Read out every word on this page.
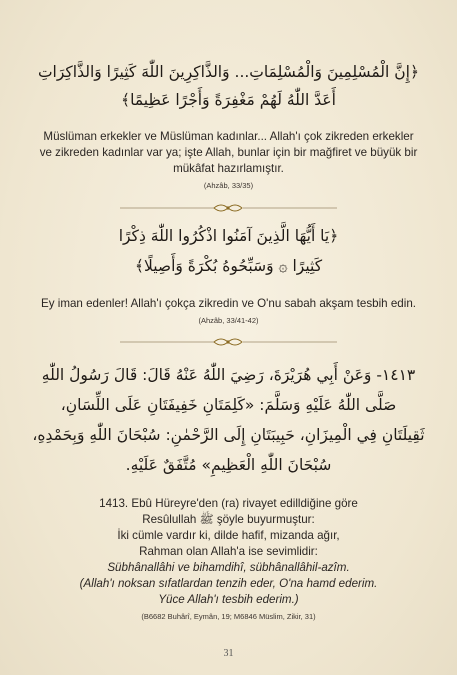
﴿إِنَّ الْمُسْلِمِينَ وَالْمُسْلِمَاتِ... وَالذَّاكِرِينَ اللّٰهَ كَثِيرًا وَالذَّاكِرَاتِ

أَعَدَّ اللّٰهُ لَهُمْ مَغْفِرَةً وَأَجْرًا عَظِيمًا﴾

Müslüman erkekler ve Müslüman kadınlar... Allah'ı çok zikreden erkekler

ve zikreden kadınlar var ya; işte Allah, bunlar için bir mağfiret ve büyük bir

mükâfat hazırlamıştır.

(Ahzâb, 33/35)

﴿يَا أَيُّهَا الَّذِينَ آمَنُوا اذْكُرُوا اللّٰهَ ذِكْرًا

كَثِيرًا ۞ وَسَبِّحُوهُ بُكْرَةً وَأَصِيلًا﴾

Ey iman edenler! Allah'ı çokça zikredin ve O'nu sabah akşam tesbih edin.

(Ahzâb, 33/41-42)

١٤١٣- وَعَنْ أَبِي هُرَيْرَةَ، رَضِيَ اللّٰهُ عَنْهُ قَالَ: قَالَ رَسُولُ اللّٰهِ

صَلَّى اللّٰهُ عَلَيْهِ وَسَلَّمَ: «كَلِمَتَانِ خَفِيفَتَانِ عَلَى اللِّسَانِ،

ثَقِيلَتَانِ فِي الْمِيزَانِ، حَبِيبَتَانِ إِلَى الرَّحْمٰنِ: سُبْحَانَ اللّٰهِ وَبِحَمْدِهِ،

سُبْحَانَ اللّٰهِ الْعَظِيمِ» مُتَّفَقٌ عَلَيْهِ.

1413. Ebû Hüreyre'den (ra) rivayet edilldiğine göre

Resûlullah ﷺ şöyle buyurmuştur:

İki cümle vardır ki, dilde hafif, mizanda ağır,

Rahman olan Allah'a ise sevimlidir:

Sübhânallâhi ve bihamdihî, sübhânallâhil-azîm.

(Allah'ı noksan sıfatlardan tenzih eder, O'na hamd ederim.

Yüce Allah'ı tesbih ederim.)

(B6682 Buhârî, Eymân, 19; M6846 Müslim, Zikir, 31)

31
